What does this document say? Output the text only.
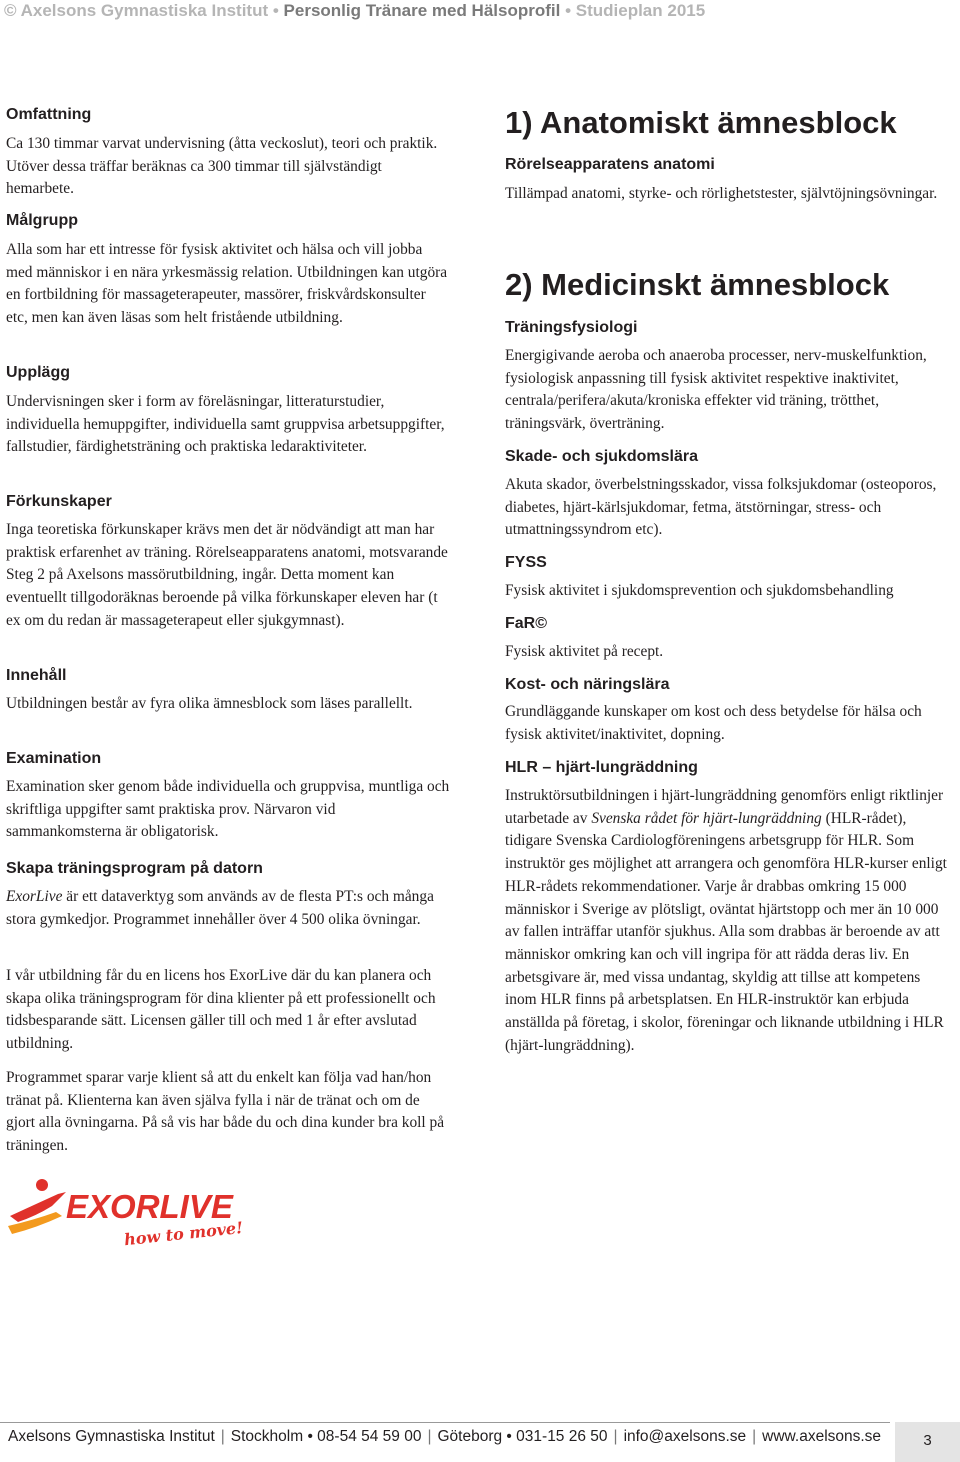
© Axelsons Gymnastiska Institut • Personlig Tränare med Hälsoprofil • Studieplan 2015
Omfattning

Ca 130 timmar varvat undervisning (åtta veckoslut), teori och praktik. Utöver dessa träffar beräknas ca 300 timmar till självständigt hemarbete.

Målgrupp

Alla som har ett intresse för fysisk aktivitet och hälsa och vill jobba med människor i en nära yrkesmässig relation. Utbildningen kan utgöra en fortbildning för massageterapeuter, massörer, friskvårdskonsulter etc, men kan även läsas som helt fristående utbildning.

Upplägg

Undervisningen sker i form av föreläsningar, litteraturstudier, individuella hemuppgifter, individuella samt gruppvisa arbetsuppgifter, fallstudier, färdighetsträning och praktiska ledaraktiviteter.

Förkunskaper

Inga teoretiska förkunskaper krävs men det är nödvändigt att man har praktisk erfarenhet av träning. Rörelseapparatens anatomi, motsvarande Steg 2 på Axelsons massörutbildning, ingår. Detta moment kan eventuellt tillgodoräknas beroende på vilka förkunskaper eleven har (t ex om du redan är massageterapeut eller sjukgymnast).

Innehåll

Utbildningen består av fyra olika ämnesblock som läses parallellt.

Examination

Examination sker genom både individuella och gruppvisa, muntliga och skriftliga uppgifter samt praktiska prov. Närvaron vid sammankomsterna är obligatorisk.

Skapa träningsprogram på datorn

ExorLive är ett dataverktyg som används av de flesta PT:s och många stora gymkedjor. Programmet innehåller över 4 500 olika övningar.

I vår utbildning får du en licens hos ExorLive där du kan planera och skapa olika träningsprogram för dina klienter på ett professionellt och tidsbesparande sätt. Licensen gäller till och med 1 år efter avslutad utbildning.

Programmet sparar varje klient så att du enkelt kan följa vad han/hon tränat på. Klienterna kan även själva fylla i när de tränat och om de gjort alla övningarna. På så vis har både du och dina kunder bra koll på träningen.

EXORLIVE
how to move!
1) Anatomiskt ämnesblock
Rörelseapparatens anatomi

Tillämpad anatomi, styrke- och rörlighetstester, självtöjningsövningar.

2) Medicinskt ämnesblock
Träningsfysiologi

Energigivande aeroba och anaeroba processer, nerv-muskelfunktion, fysiologisk anpassning till fysisk aktivitet respektive inaktivitet, centrala/perifera/akuta/kroniska effekter vid träning, trötthet, träningsvärk, överträning.

Skade- och sjukdomslära

Akuta skador, överbelstningsskador, vissa folksjukdomar (osteoporos, diabetes, hjärt-kärlsjukdomar, fetma, ätstörningar, stress- och utmattningssyndrom etc).

FYSS

Fysisk aktivitet i sjukdomsprevention och sjukdomsbehandling

FaR©

Fysisk aktivitet på recept.

Kost- och näringslära

Grundläggande kunskaper om kost och dess betydelse för hälsa och fysisk aktivitet/inaktivitet, dopning.

HLR – hjärt-lungräddning

Instruktörsutbildningen i hjärt-lungräddning genomförs enligt riktlinjer utarbetade av Svenska rådet för hjärt-lungräddning (HLR-rådet), tidigare Svenska Cardiologföreningens arbetsgrupp för HLR. Som instruktör ges möjlighet att arrangera och genomföra HLR-kurser enligt HLR-rådets rekommendationer. Varje år drabbas omkring 15 000 människor i Sverige av plötsligt, oväntat hjärtstopp och mer än 10 000 av fallen inträffar utanför sjukhus. Alla som drabbas är beroende av att människor omkring kan och vill ingripa för att rädda deras liv. En arbetsgivare är, med vissa undantag, skyldig att tillse att kompetens inom HLR finns på arbetsplatsen. En HLR-instruktör kan erbjuda anställda på företag, i skolor, föreningar och liknande utbildning i HLR (hjärt-lungräddning).

Axelsons Gymnastiska Institut | Stockholm • 08-54 54 59 00 | Göteborg • 031-15 26 50 | info@axelsons.se | www.axelsons.se	3
